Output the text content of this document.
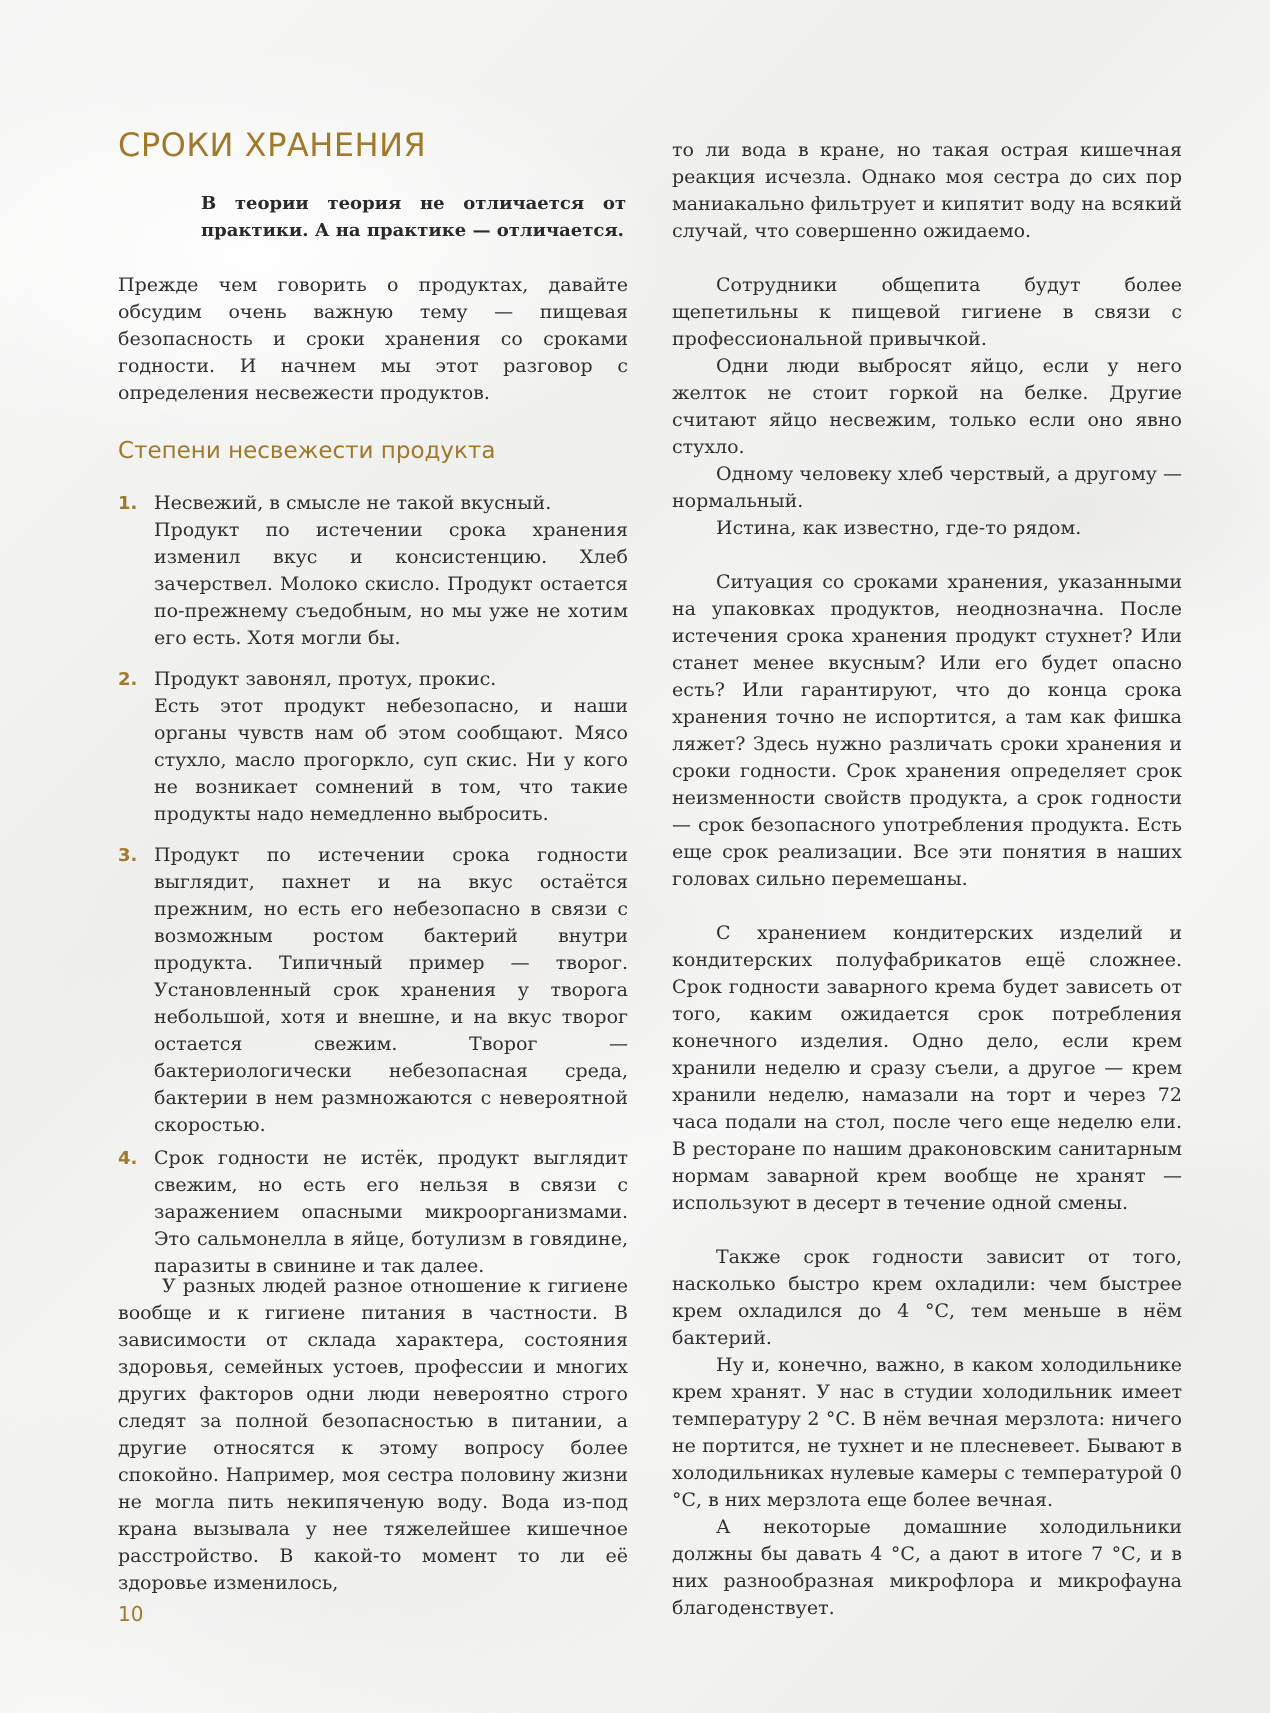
СРОКИ ХРАНЕНИЯ

В теории теория не отличается от практики. А на практике — отличается.

Прежде чем говорить о продуктах, давайте обсудим очень важную тему — пищевая безопасность и сроки хранения со сроками годности. И начнем мы этот разговор с определения несвежести продуктов.

Степени несвежести продукта
1. Несвежий, в смысле не такой вкусный.
Продукт по истечении срока хранения изменил вкус и консистенцию. Хлеб зачерствел. Молоко скисло. Продукт остается по-прежнему съедобным, но мы уже не хотим его есть. Хотя могли бы.
2. Продукт завонял, протух, прокис.
Есть этот продукт небезопасно, и наши органы чувств нам об этом сообщают. Мясо стухло, масло прогоркло, суп скис. Ни у кого не возникает сомнений в том, что такие продукты надо немедленно выбросить.
3. Продукт по истечении срока годности выглядит, пахнет и на вкус остаётся прежним, но есть его небезопасно в связи с возможным ростом бактерий внутри продукта. Типичный пример — творог. Установленный срок хранения у творога небольшой, хотя и внешне, и на вкус творог остается свежим. Творог — бактериологически небезопасная среда, бактерии в нем размножаются с невероятной скоростью.
4. Срок годности не истёк, продукт выглядит свежим, но есть его нельзя в связи с заражением опасными микроорганизмами. Это сальмонелла в яйце, ботулизм в говядине, паразиты в свинине и так далее.

У разных людей разное отношение к гигиене вообще и к гигиене питания в частности. В зависимости от склада характера, состояния здоровья, семейных устоев, профессии и многих других факторов одни люди невероятно строго следят за полной безопасностью в питании, а другие относятся к этому вопросу более спокойно. Например, моя сестра половину жизни не могла пить некипяченую воду. Вода из-под крана вызывала у нее тяжелейшее кишечное расстройство. В какой-то момент то ли её здоровье изменилось,

то ли вода в кране, но такая острая кишечная реакция исчезла. Однако моя сестра до сих пор маниакально фильтрует и кипятит воду на всякий случай, что совершенно ожидаемо.

Сотрудники общепита будут более щепетильны к пищевой гигиене в связи с профессиональной привычкой.

Одни люди выбросят яйцо, если у него желток не стоит горкой на белке. Другие считают яйцо несвежим, только если оно явно стухло.

Одному человеку хлеб черствый, а другому — нормальный.

Истина, как известно, где-то рядом.

Ситуация со сроками хранения, указанными на упаковках продуктов, неоднозначна. После истечения срока хранения продукт стухнет? Или станет менее вкусным? Или его будет опасно есть? Или гарантируют, что до конца срока хранения точно не испортится, а там как фишка ляжет? Здесь нужно различать сроки хранения и сроки годности. Срок хранения определяет срок неизменности свойств продукта, а срок годности — срок безопасного употребления продукта. Есть еще срок реализации. Все эти понятия в наших головах сильно перемешаны.

С хранением кондитерских изделий и кондитерских полуфабрикатов ещё сложнее. Срок годности заварного крема будет зависеть от того, каким ожидается срок потребления конечного изделия. Одно дело, если крем хранили неделю и сразу съели, а другое — крем хранили неделю, намазали на торт и через 72 часа подали на стол, после чего еще неделю ели. В ресторане по нашим драконовским санитарным нормам заварной крем вообще не хранят — используют в десерт в течение одной смены.

Также срок годности зависит от того, насколько быстро крем охладили: чем быстрее крем охладился до 4 °С, тем меньше в нём бактерий.

Ну и, конечно, важно, в каком холодильнике крем хранят. У нас в студии холодильник имеет температуру 2 °С. В нём вечная мерзлота: ничего не портится, не тухнет и не плесневеет. Бывают в холодильниках нулевые камеры с температурой 0 °С, в них мерзлота еще более вечная.

А некоторые домашние холодильники должны бы давать 4 °С, а дают в итоге 7 °С, и в них разнообразная микрофлора и микрофауна благоденствует.

10
